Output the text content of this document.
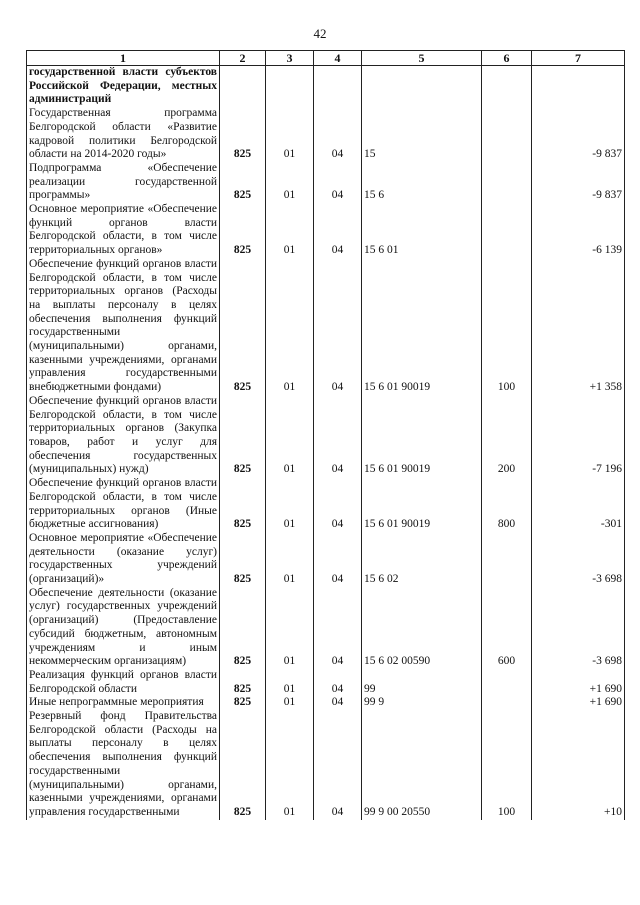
42
1	2	3	4	5	6	7
государственной власти субъектов Российской Федерации, местных администраций						
Государственная программа Белгородской области «Развитие кадровой политики Белгородской области на 2014-2020 годы»	825	01	04	15		-9 837
Подпрограмма «Обеспечение реализации государственной программы»	825	01	04	15 6		-9 837
Основное мероприятие «Обеспечение функций органов власти Белгородской области, в том числе территориальных органов»	825	01	04	15 6 01		-6 139
Обеспечение функций органов власти Белгородской области, в том числе территориальных органов (Расходы на выплаты персоналу в целях обеспечения выполнения функций государственными (муниципальными) органами, казенными учреждениями, органами управления государственными внебюджетными фондами)	825	01	04	15 6 01 90019	100	+1 358
Обеспечение функций органов власти Белгородской области, в том числе территориальных органов (Закупка товаров, работ и услуг для обеспечения государственных (муниципальных) нужд)	825	01	04	15 6 01 90019	200	-7 196
Обеспечение функций органов власти Белгородской области, в том числе территориальных органов (Иные бюджетные ассигнования)	825	01	04	15 6 01 90019	800	-301
Основное мероприятие «Обеспечение деятельности (оказание услуг) государственных учреждений (организаций)»	825	01	04	15 6 02		-3 698
Обеспечение деятельности (оказание услуг) государственных учреждений (организаций) (Предоставление субсидий бюджетным, автономным учреждениям и иным некоммерческим организациям)	825	01	04	15 6 02 00590	600	-3 698
Реализация функций органов власти Белгородской области	825	01	04	99		+1 690
Иные непрограммные мероприятия	825	01	04	99 9		+1 690
Резервный фонд Правительства Белгородской области (Расходы на выплаты персоналу в целях обеспечения выполнения функций государственными (муниципальными) органами, казенными учреждениями, органами управления государственными	825	01	04	99 9 00 20550	100	+10
